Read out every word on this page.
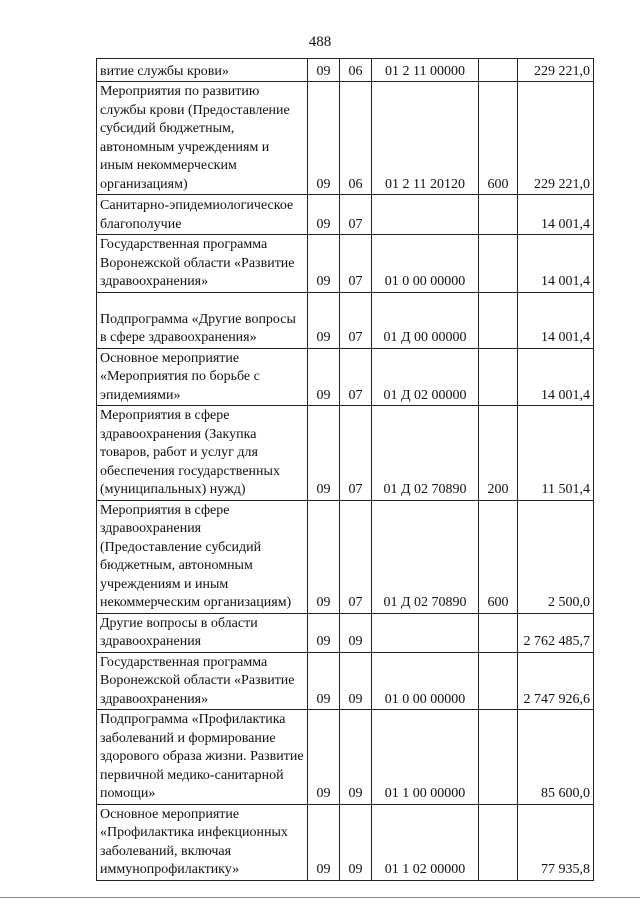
488
витие службы крови»	09	06	01 2 11 00000		229 221,0
Мероприятия по развитию службы крови (Предоставление субсидий бюджетным, автономным учреждениям и иным некоммерческим организациям)	09	06	01 2 11 20120	600	229 221,0
Санитарно-эпидемиологическое благополучие	09	07			14 001,4
Государственная программа Воронежской области «Развитие здравоохранения»	09	07	01 0 00 00000		14 001,4
Подпрограмма «Другие вопросы в сфере здравоохранения»	09	07	01 Д 00 00000		14 001,4
Основное мероприятие «Мероприятия по борьбе с эпидемиями»	09	07	01 Д 02 00000		14 001,4
Мероприятия в сфере здравоохранения (Закупка товаров, работ и услуг для обеспечения государственных (муниципальных) нужд)	09	07	01 Д 02 70890	200	11 501,4
Мероприятия в сфере здравоохранения (Предоставление субсидий бюджетным, автономным учреждениям и иным некоммерческим организациям)	09	07	01 Д 02 70890	600	2 500,0
Другие вопросы в области здравоохранения	09	09			2 762 485,7
Государственная программа Воронежской области «Развитие здравоохранения»	09	09	01 0 00 00000		2 747 926,6
Подпрограмма «Профилактика заболеваний и формирование здорового образа жизни. Развитие первичной медико-санитарной помощи»	09	09	01 1 00 00000		85 600,0
Основное мероприятие «Профилактика инфекционных заболеваний, включая иммунопрофилактику»	09	09	01 1 02 00000		77 935,8
